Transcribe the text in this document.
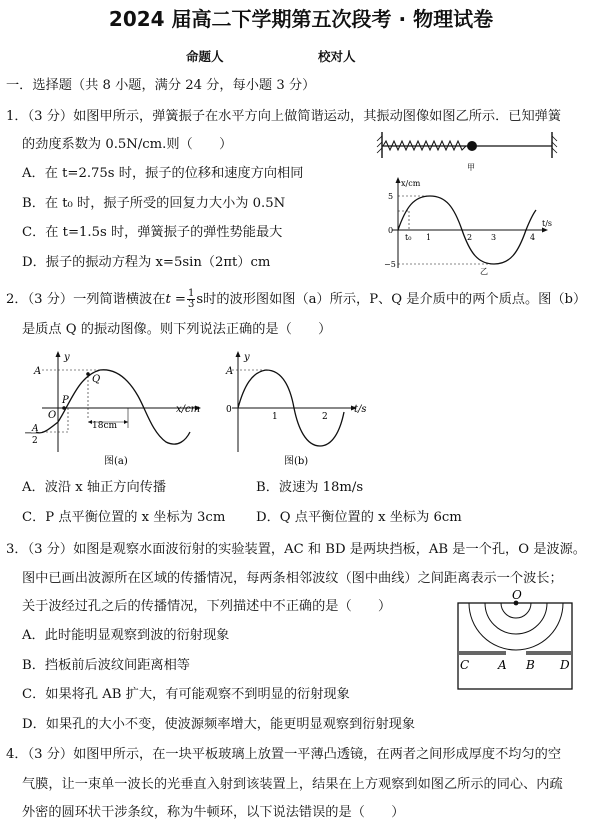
2024 届高二下学期第五次段考 · 物理试卷
命题人	校对人
一．选择题（共 8 小题，满分 24 分，每小题 3 分）
1．（3 分）如图甲所示，弹簧振子在水平方向上做简谐运动，其振动图像如图乙所示．已知弹簧
的劲度系数为 0.5N/cm.则（　　）
A．在 t=2.75s 时，振子的位移和速度方向相同
B．在 t₀ 时，振子所受的回复力大小为 0.5N
C．在 t=1.5s 时，弹簧振子的弹性势能最大
D．振子的振动方程为 x=5sin（2πt）cm
甲
x/cm
t/s
5
0
−5
t₀ 1	2 3	4
乙
2．（3 分）一列简谐横波在$t = \frac{1}{3}$ s时的波形图如图（a）所示，P、Q 是介质中的两个质点。图（b）
是质点 Q 的振动图像。则下列说法正确的是（　　）
y
A
Q
P
O
x/cm
18cm
− A
2
图(a)
y
A
0
1	2
t/s
图(b)
A．波沿 x 轴正方向传播	B．波速为 18m/s
C．P 点平衡位置的 x 坐标为 3cm D．Q 点平衡位置的 x 坐标为 6cm
3．（3 分）如图是观察水面波衍射的实验装置，AC 和 BD 是两块挡板，AB 是一个孔，O 是波源。
图中已画出波源所在区域的传播情况，每两条相邻波纹（图中曲线）之间距离表示一个波长；
关于波经过孔之后的传播情况，下列描述中不正确的是（　　）
A．此时能明显观察到波的衍射现象
B．挡板前后波纹间距离相等
C．如果将孔 AB 扩大，有可能观察不到明显的衍射现象
D．如果孔的大小不变，使波源频率增大，能更明显观察到衍射现象
O
C A B D
4．（3 分）如图甲所示，在一块平板玻璃上放置一平薄凸透镜，在两者之间形成厚度不均匀的空
气膜，让一束单一波长的光垂直入射到该装置上，结果在上方观察到如图乙所示的同心、内疏
外密的圆环状干涉条纹，称为牛顿环，以下说法错误的是（　　）
